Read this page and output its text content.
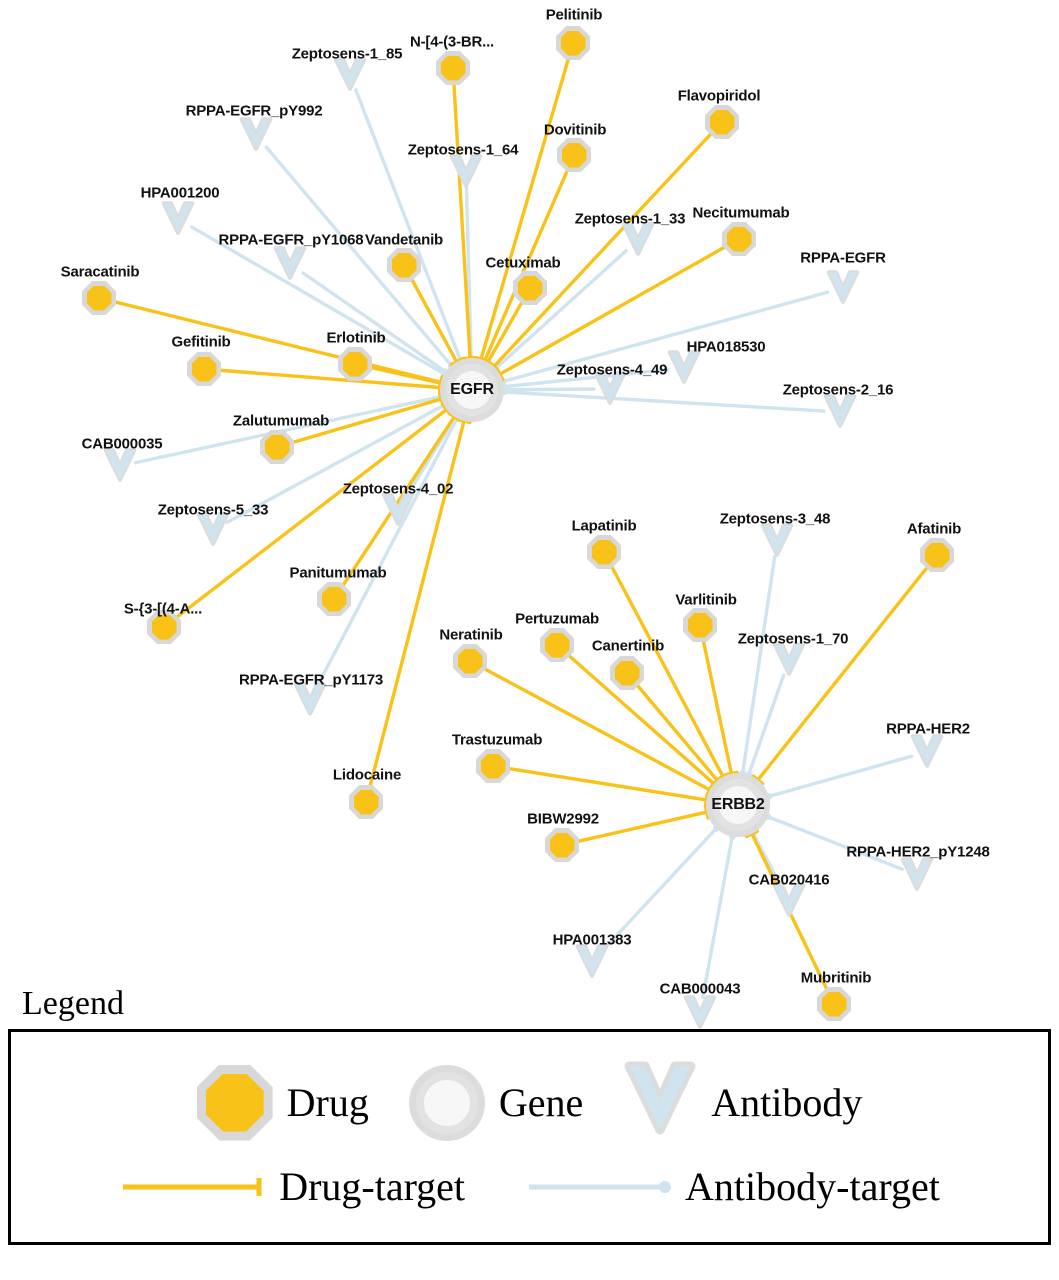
Zeptosens-1_85
RPPA-EGFR_pY992
Zeptosens-1_64
HPA001200
Zeptosens-1_33
RPPA-EGFR_pY1068
RPPA-EGFR
HPA018530
Zeptosens-4_49
Zeptosens-2_16
CAB000035
Zeptosens-4_02
Zeptosens-5_33
Zeptosens-3_48
Zeptosens-1_70
RPPA-EGFR_pY1173
RPPA-HER2
RPPA-HER2_pY1248
CAB020416
HPA001383
CAB000043
Pelitinib
N-[4-(3-BR...
Flavopiridol
Dovitinib
Necitumumab
Vandetanib
Cetuximab
Saracatinib
Erlotinib
Gefitinib
Zalutumumab
Afatinib
Lapatinib
Varlitinib
Panitumumab
S-{3-[(4-A...
Pertuzumab
Canertinib
Neratinib
Trastuzumab
Lidocaine
BIBW2992
Mubritinib
EGFR
ERBB2
Legend
Drug	Gene	Antibody
Drug-target	Antibody-target
